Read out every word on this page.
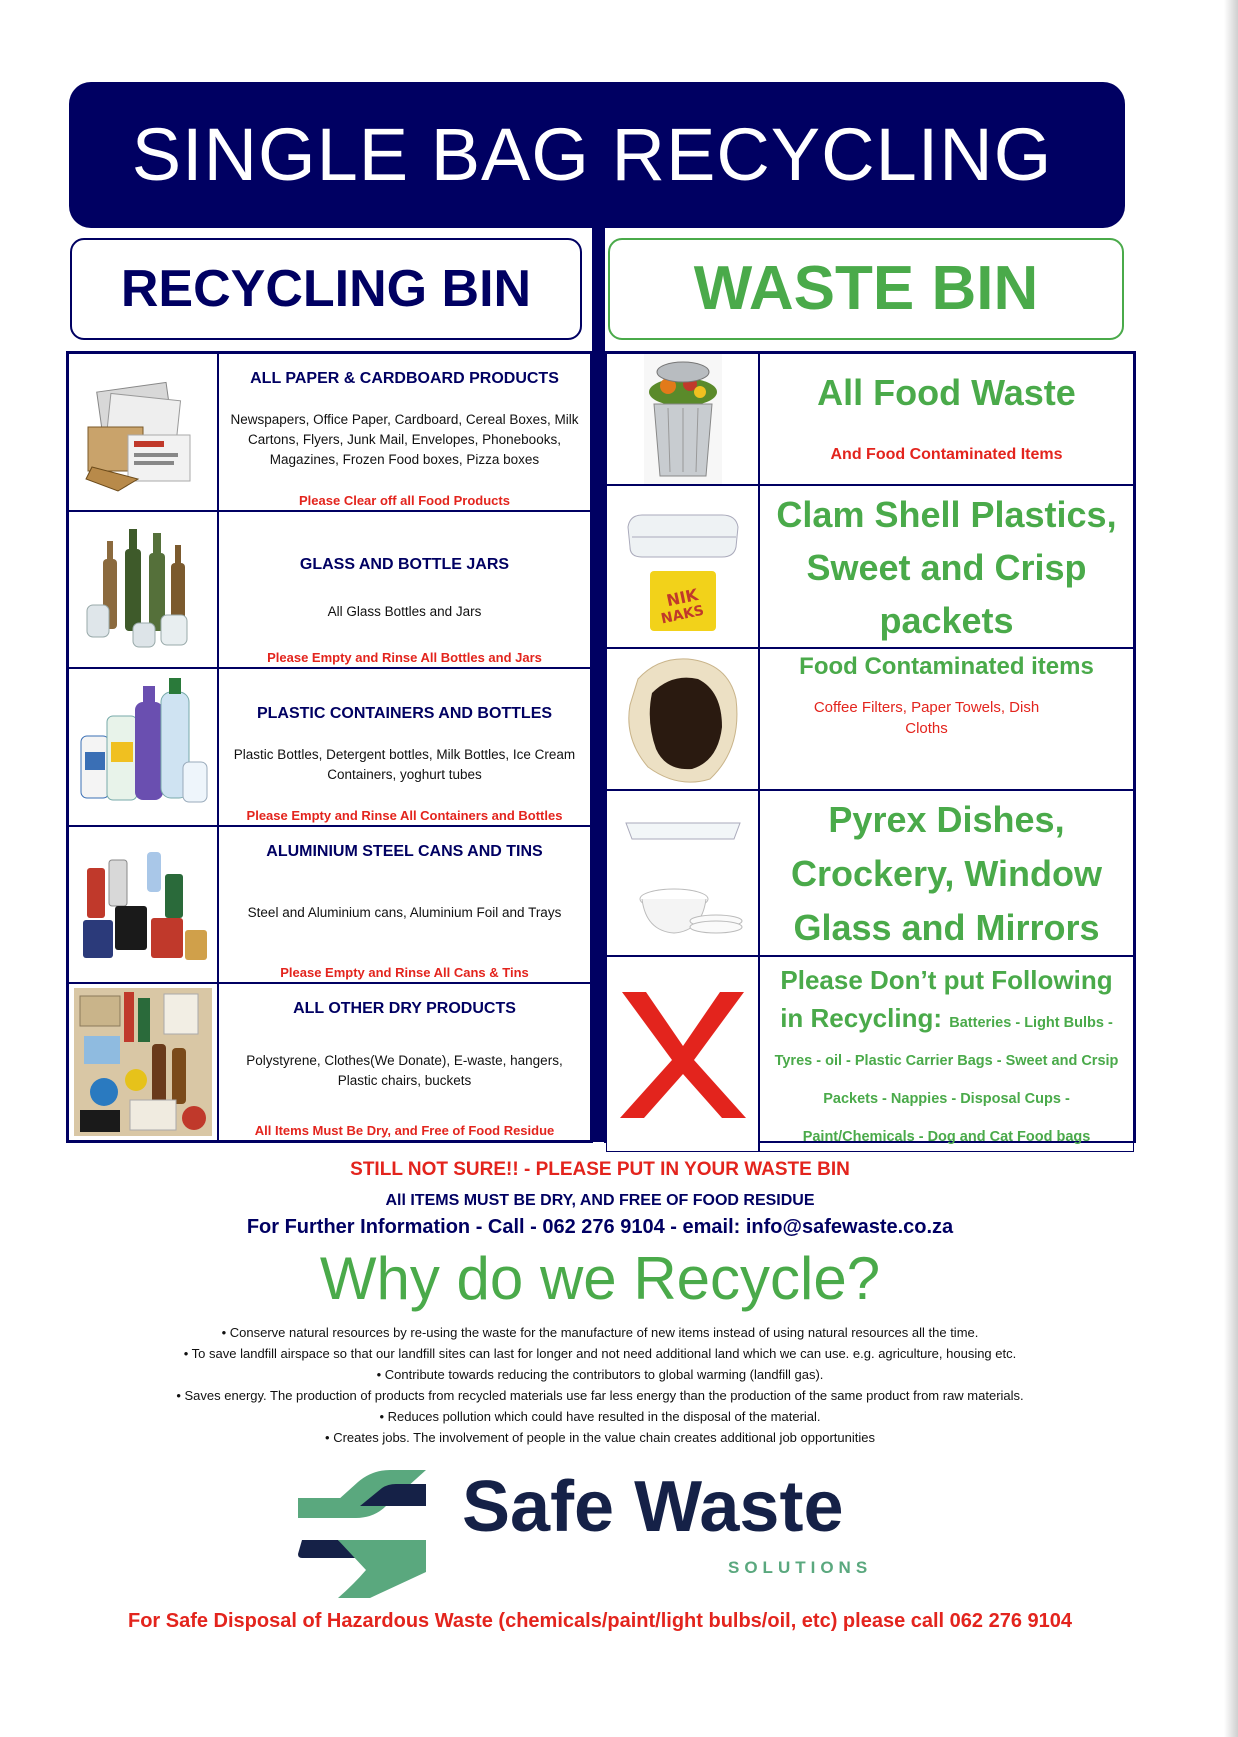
SINGLE BAG RECYCLING
RECYCLING BIN	WASTE BIN
ALL PAPER & CARDBOARD PRODUCTS
Newspapers, Office Paper, Cardboard, Cereal Boxes, Milk Cartons, Flyers, Junk Mail, Envelopes, Phonebooks, Magazines, Frozen Food boxes, Pizza boxes
Please Clear off all Food Products
GLASS AND BOTTLE JARS
All Glass Bottles and Jars
Please Empty and Rinse All Bottles and Jars
PLASTIC CONTAINERS AND BOTTLES
Plastic Bottles, Detergent bottles, Milk Bottles, Ice Cream Containers, yoghurt tubes
Please Empty and Rinse All Containers and Bottles
ALUMINIUM STEEL CANS AND TINS
Steel and Aluminium cans, Aluminium Foil and Trays
Please Empty and Rinse All Cans & Tins
ALL OTHER DRY PRODUCTS
Polystyrene, Clothes(We Donate), E-waste, hangers, Plastic chairs, buckets
All Items Must Be Dry, and Free of Food Residue
All Food Waste
And Food Contaminated Items
NIK
NAKS
Clam Shell Plastics, Sweet and Crisp packets
Food Contaminated items
Coffee Filters, Paper Towels, Dish Cloths
Pyrex Dishes, Crockery, Window Glass and Mirrors
Please Don’t put Following in Recycling: Batteries - Light Bulbs - Tyres - oil - Plastic Carrier Bags - Sweet and Crsip Packets - Nappies - Disposal Cups - Paint/Chemicals - Dog and Cat Food bags
STILL NOT SURE!! - PLEASE PUT IN YOUR WASTE BIN
All ITEMS MUST BE DRY, AND FREE OF FOOD RESIDUE
For Further Information - Call - 062 276 9104 - email: info@safewaste.co.za
Why do we Recycle?
• Conserve natural resources by re-using the waste for the manufacture of new items instead of using natural resources all the time.
• To save landfill airspace so that our landfill sites can last for longer and not need additional land which we can use. e.g. agriculture, housing etc.
• Contribute towards reducing the contributors to global warming (landfill gas).
• Saves energy. The production of products from recycled materials use far less energy than the production of the same product from raw materials.
• Reduces pollution which could have resulted in the disposal of the material.
• Creates jobs. The involvement of people in the value chain creates additional job opportunities
Safe Waste
SOLUTIONS
For Safe Disposal of Hazardous Waste (chemicals/paint/light bulbs/oil, etc) please call 062 276 9104
